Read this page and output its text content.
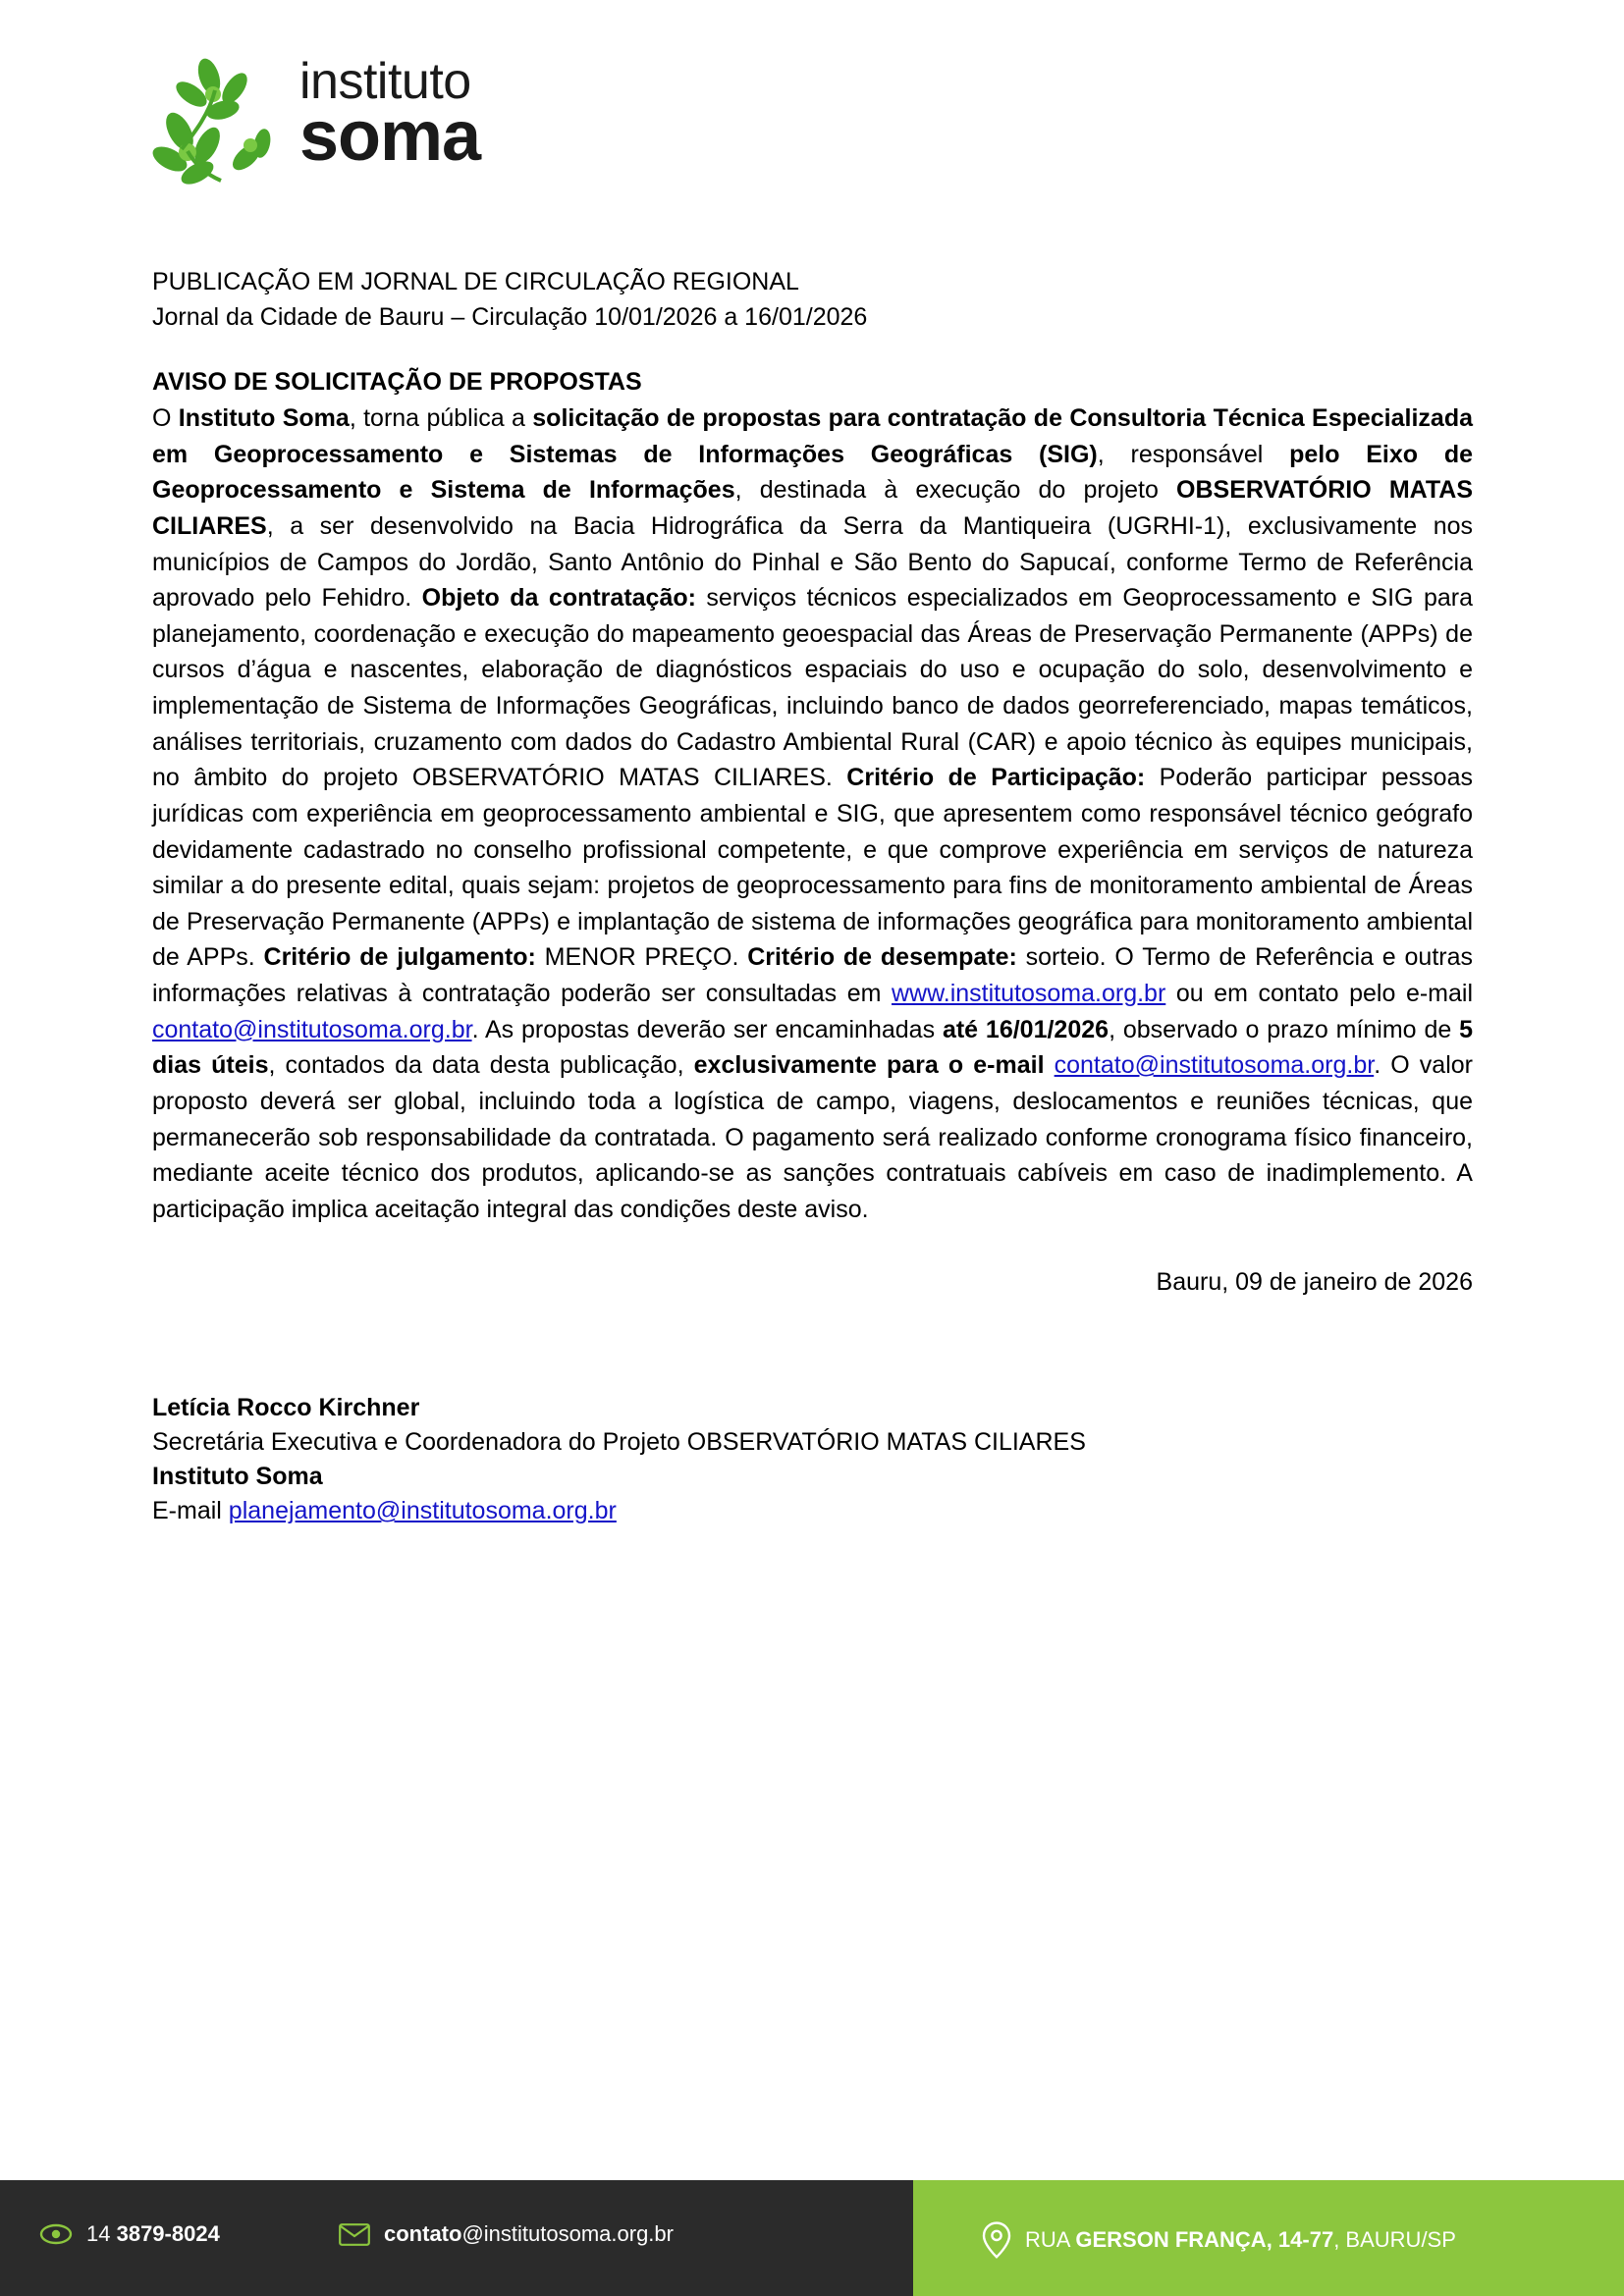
instituto
soma
PUBLICAÇÃO EM JORNAL DE CIRCULAÇÃO REGIONAL
Jornal da Cidade de Bauru – Circulação 10/01/2026 a 16/01/2026
AVISO DE SOLICITAÇÃO DE PROPOSTAS
O Instituto Soma, torna pública a solicitação de propostas para contratação de Consultoria Técnica Especializada em Geoprocessamento e Sistemas de Informações Geográficas (SIG), responsável pelo Eixo de Geoprocessamento e Sistema de Informações, destinada à execução do projeto OBSERVATÓRIO MATAS CILIARES, a ser desenvolvido na Bacia Hidrográfica da Serra da Mantiqueira (UGRHI-1), exclusivamente nos municípios de Campos do Jordão, Santo Antônio do Pinhal e São Bento do Sapucaí, conforme Termo de Referência aprovado pelo Fehidro. Objeto da contratação: serviços técnicos especializados em Geoprocessamento e SIG para planejamento, coordenação e execução do mapeamento geoespacial das Áreas de Preservação Permanente (APPs) de cursos d’água e nascentes, elaboração de diagnósticos espaciais do uso e ocupação do solo, desenvolvimento e implementação de Sistema de Informações Geográficas, incluindo banco de dados georreferenciado, mapas temáticos, análises territoriais, cruzamento com dados do Cadastro Ambiental Rural (CAR) e apoio técnico às equipes municipais, no âmbito do projeto OBSERVATÓRIO MATAS CILIARES. Critério de Participação: Poderão participar pessoas jurídicas com experiência em geoprocessamento ambiental e SIG, que apresentem como responsável técnico geógrafo devidamente cadastrado no conselho profissional competente, e que comprove experiência em serviços de natureza similar a do presente edital, quais sejam: projetos de geoprocessamento para fins de monitoramento ambiental de Áreas de Preservação Permanente (APPs) e implantação de sistema de informações geográfica para monitoramento ambiental de APPs. Critério de julgamento: MENOR PREÇO. Critério de desempate: sorteio. O Termo de Referência e outras informações relativas à contratação poderão ser consultadas em www.institutosoma.org.br ou em contato pelo e-mail contato@institutosoma.org.br. As propostas deverão ser encaminhadas até 16/01/2026, observado o prazo mínimo de 5 dias úteis, contados da data desta publicação, exclusivamente para o e-mail contato@institutosoma.org.br. O valor proposto deverá ser global, incluindo toda a logística de campo, viagens, deslocamentos e reuniões técnicas, que permanecerão sob responsabilidade da contratada. O pagamento será realizado conforme cronograma físico financeiro, mediante aceite técnico dos produtos, aplicando-se as sanções contratuais cabíveis em caso de inadimplemento. A participação implica aceitação integral das condições deste aviso.
Bauru, 09 de janeiro de 2026
Letícia Rocco Kirchner
Secretária Executiva e Coordenadora do Projeto OBSERVATÓRIO MATAS CILIARES
Instituto Soma
E-mail planejamento@institutosoma.org.br
14 3879-8024	contato@institutosoma.org.br	RUA GERSON FRANÇA, 14-77, BAURU/SP
